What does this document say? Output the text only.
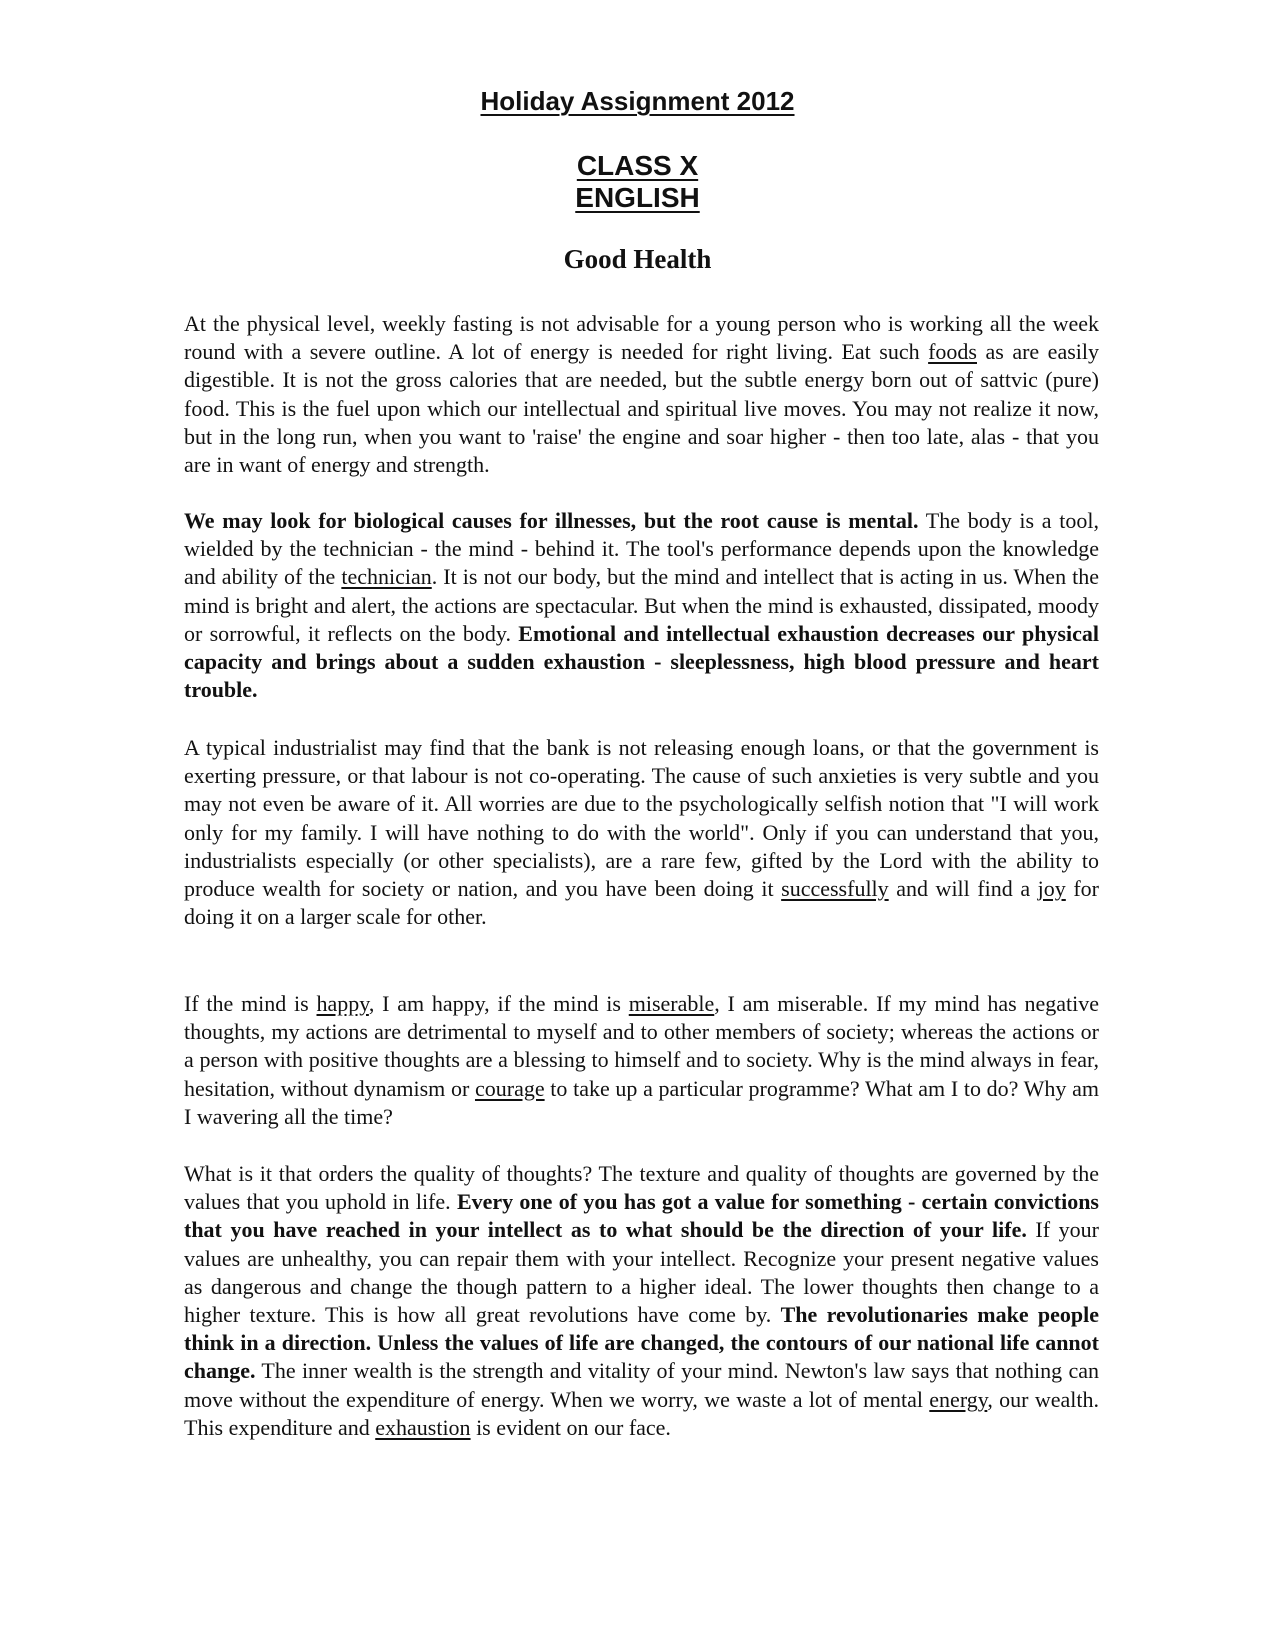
Holiday Assignment 2012
CLASS X
ENGLISH
Good Health

At the physical level, weekly fasting is not advisable for a young person who is working all the week round with a severe outline. A lot of energy is needed for right living. Eat such foods as are easily digestible. It is not the gross calories that are needed, but the subtle energy born out of sattvic (pure) food. This is the fuel upon which our intellectual and spiritual live moves. You may not realize it now, but in the long run, when you want to 'raise' the engine and soar higher - then too late, alas - that you are in want of energy and strength.

We may look for biological causes for illnesses, but the root cause is mental. The body is a tool, wielded by the technician - the mind - behind it. The tool's performance depends upon the knowledge and ability of the technician. It is not our body, but the mind and intellect that is acting in us. When the mind is bright and alert, the actions are spectacular. But when the mind is exhausted, dissipated, moody or sorrowful, it reflects on the body. Emotional and intellectual exhaustion decreases our physical capacity and brings about a sudden exhaustion - sleeplessness, high blood pressure and heart trouble.

A typical industrialist may find that the bank is not releasing enough loans, or that the government is exerting pressure, or that labour is not co-operating. The cause of such anxieties is very subtle and you may not even be aware of it. All worries are due to the psychologically selfish notion that "I will work only for my family. I will have nothing to do with the world". Only if you can understand that you, industrialists especially (or other specialists), are a rare few, gifted by the Lord with the ability to produce wealth for society or nation, and you have been doing it successfully and will find a joy for doing it on a larger scale for other.

If the mind is happy, I am happy, if the mind is miserable, I am miserable. If my mind has negative thoughts, my actions are detrimental to myself and to other members of society; whereas the actions or a person with positive thoughts are a blessing to himself and to society. Why is the mind always in fear, hesitation, without dynamism or courage to take up a particular programme? What am I to do? Why am I wavering all the time?

What is it that orders the quality of thoughts? The texture and quality of thoughts are governed by the values that you uphold in life. Every one of you has got a value for something - certain convictions that you have reached in your intellect as to what should be the direction of your life. If your values are unhealthy, you can repair them with your intellect. Recognize your present negative values as dangerous and change the though pattern to a higher ideal. The lower thoughts then change to a higher texture. This is how all great revolutions have come by. The revolutionaries make people think in a direction. Unless the values of life are changed, the contours of our national life cannot change. The inner wealth is the strength and vitality of your mind. Newton's law says that nothing can move without the expenditure of energy. When we worry, we waste a lot of mental energy, our wealth. This expenditure and exhaustion is evident on our face.
